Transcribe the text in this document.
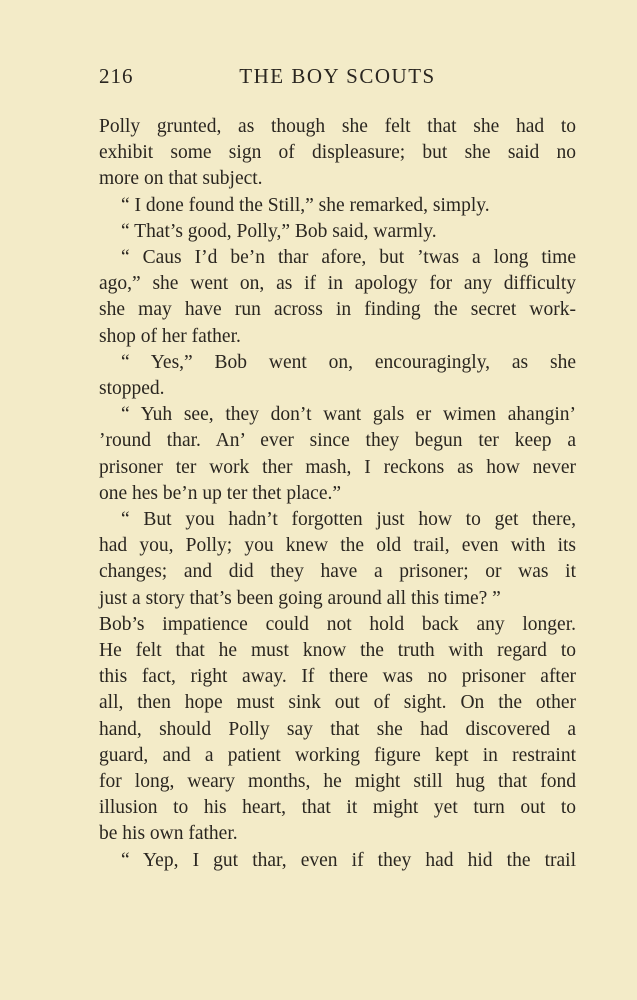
216	THE BOY SCOUTS

Polly grunted, as though she felt that she had to

exhibit some sign of displeasure; but she said no

more on that subject.

“ I done found the Still,” she remarked, simply.

“ That’s good, Polly,” Bob said, warmly.

“ Caus I’d be’n thar afore, but ’twas a long time

ago,” she went on, as if in apology for any difficulty

she may have run across in finding the secret work-

shop of her father.

“ Yes,” Bob went on, encouragingly, as she

stopped.

“ Yuh see, they don’t want gals er wimen ahangin’

’round thar. An’ ever since they begun ter keep a

prisoner ter work ther mash, I reckons as how never

one hes be’n up ter thet place.”

“ But you hadn’t forgotten just how to get there,

had you, Polly; you knew the old trail, even with its

changes; and did they have a prisoner; or was it

just a story that’s been going around all this time? ”

Bob’s impatience could not hold back any longer.

He felt that he must know the truth with regard to

this fact, right away. If there was no prisoner after

all, then hope must sink out of sight. On the other

hand, should Polly say that she had discovered a

guard, and a patient working figure kept in restraint

for long, weary months, he might still hug that fond

illusion to his heart, that it might yet turn out to

be his own father.

“ Yep, I gut thar, even if they had hid the trail
